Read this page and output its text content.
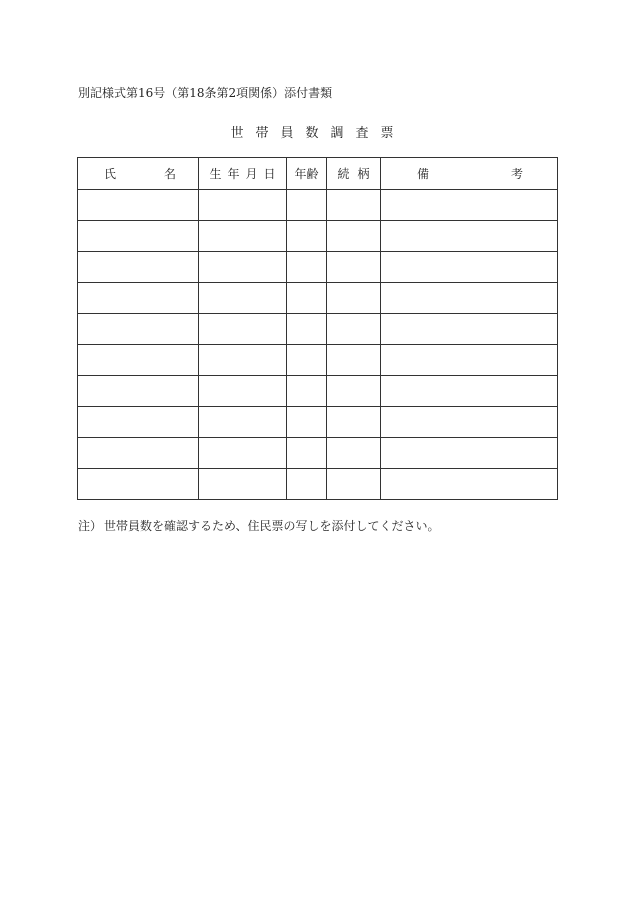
別記様式第16号（第18条第2項関係）添付書類
世帯員数調査票
氏 名	生年月日	年齢	続柄	備 考

注） 世帯員数を確認するため、住民票の写しを添付してください。
